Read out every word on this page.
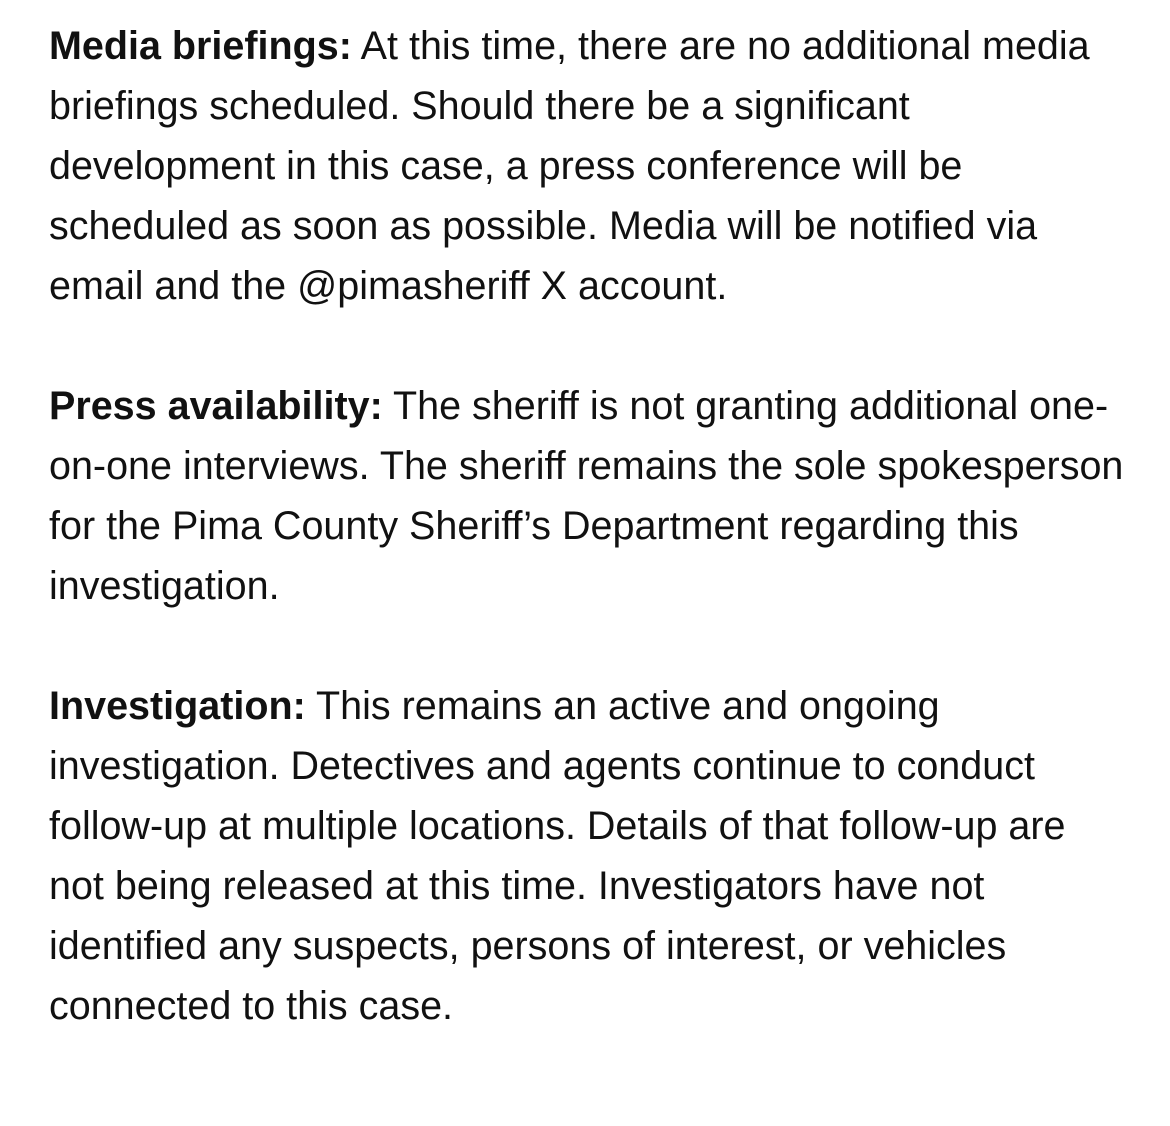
Media briefings: At this time, there are no additional media briefings scheduled. Should there be a significant development in this case, a press conference will be scheduled as soon as possible. Media will be notified via email and the @pimasheriff X account.

Press availability: The sheriff is not granting additional one-on-one interviews. The sheriff remains the sole spokesperson for the Pima County Sheriff’s Department regarding this investigation.

Investigation: This remains an active and ongoing investigation. Detectives and agents continue to conduct follow-up at multiple locations. Details of that follow-up are not being released at this time. Investigators have not identified any suspects, persons of interest, or vehicles connected to this case.
